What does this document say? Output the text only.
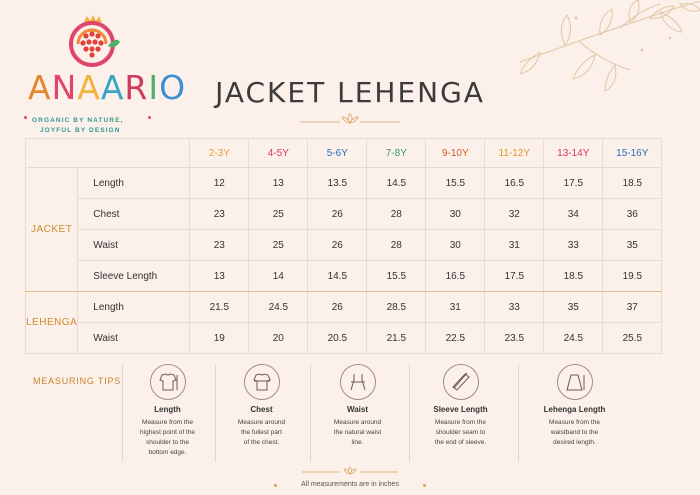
ANAARIO
ORGANIC BY NATURE,
JOYFUL BY DESIGN
JACKET LEHENGA
		2-3Y	4-5Y	5-6Y	7-8Y	9-10Y	11-12Y	13-14Y	15-16Y
JACKET	Length	12	13	13.5	14.5	15.5	16.5	17.5	18.5
	Chest	23	25	26	28	30	32	34	36
	Waist	23	25	26	28	30	31	33	35
	Sleeve Length	13	14	14.5	15.5	16.5	17.5	18.5	19.5
LEHENGA	Length	21.5	24.5	26	28.5	31	33	35	37
	Waist	19	20	20.5	21.5	22.5	23.5	24.5	25.5
MEASURING TIPS
Length
Measure from the
highest point of the
shoulder to the
bottom edge.
Chest
Measure around
the fullest part
of the chest.
Waist
Measure around
the natural waist
line.
Sleeve Length
Measure from the
shoulder seam to
the end of sleeve.
Lehenga Length
Measure from the
waistband to the
desired length.
All measurements are in inches
